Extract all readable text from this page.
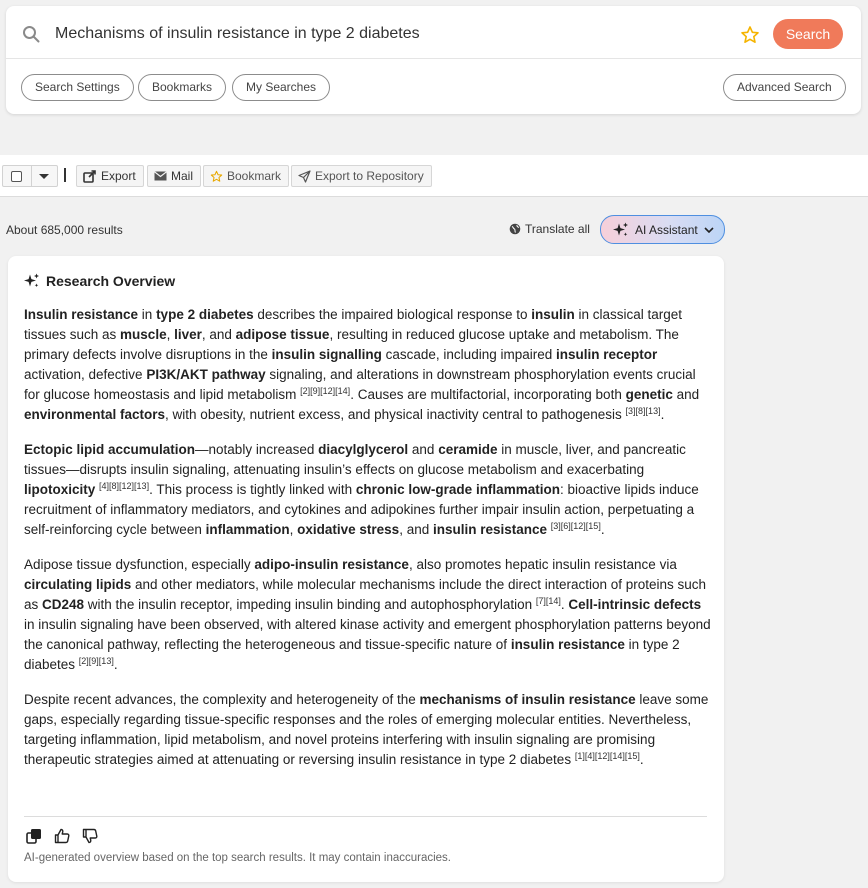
Mechanisms of insulin resistance in type 2 diabetes
Search
Search Settings	Bookmarks	My Searches	Advanced Search
Export	Mail	Bookmark	Export to Repository
About 685,000 results	Translate all	AI Assistant
Research Overview

Insulin resistance in type 2 diabetes describes the impaired biological response to insulin in classical target tissues such as muscle, liver, and adipose tissue, resulting in reduced glucose uptake and metabolism. The primary defects involve disruptions in the insulin signalling cascade, including impaired insulin receptor activation, defective PI3K/AKT pathway signaling, and alterations in downstream phosphorylation events crucial for glucose homeostasis and lipid metabolism [2][9][12][14]. Causes are multifactorial, incorporating both genetic and environmental factors, with obesity, nutrient excess, and physical inactivity central to pathogenesis [3][8][13].

Ectopic lipid accumulation—notably increased diacylglycerol and ceramide in muscle, liver, and pancreatic tissues—disrupts insulin signaling, attenuating insulin’s effects on glucose metabolism and exacerbating lipotoxicity [4][8][12][13]. This process is tightly linked with chronic low-grade inflammation: bioactive lipids induce recruitment of inflammatory mediators, and cytokines and adipokines further impair insulin action, perpetuating a self-reinforcing cycle between inflammation, oxidative stress, and insulin resistance [3][6][12][15].

Adipose tissue dysfunction, especially adipo-insulin resistance, also promotes hepatic insulin resistance via circulating lipids and other mediators, while molecular mechanisms include the direct interaction of proteins such as CD248 with the insulin receptor, impeding insulin binding and autophosphorylation [7][14]. Cell-intrinsic defects in insulin signaling have been observed, with altered kinase activity and emergent phosphorylation patterns beyond the canonical pathway, reflecting the heterogeneous and tissue-specific nature of insulin resistance in type 2 diabetes [2][9][13].

Despite recent advances, the complexity and heterogeneity of the mechanisms of insulin resistance leave some gaps, especially regarding tissue-specific responses and the roles of emerging molecular entities. Nevertheless, targeting inflammation, lipid metabolism, and novel proteins interfering with insulin signaling are promising therapeutic strategies aimed at attenuating or reversing insulin resistance in type 2 diabetes [1][4][12][14][15].

AI-generated overview based on the top search results. It may contain inaccuracies.
